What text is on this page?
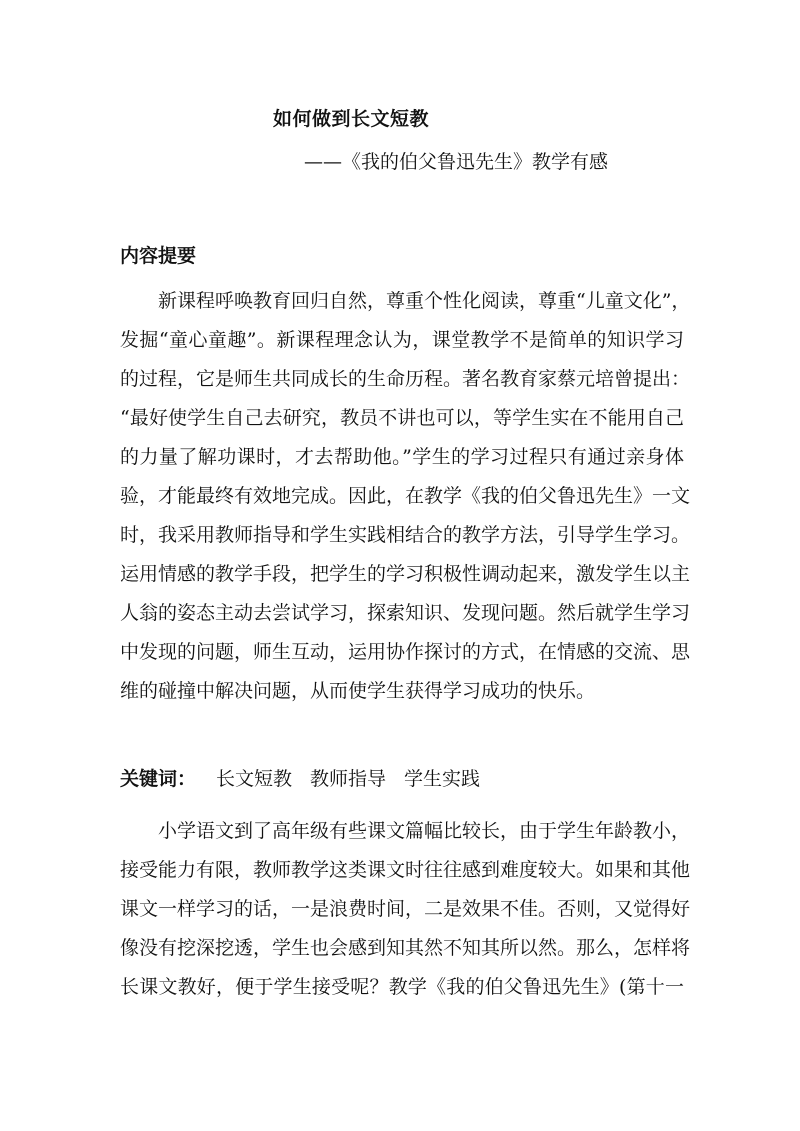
如何做到长文短教
——《我的伯父鲁迅先生》教学有感
内容提要
新课程呼唤教育回归自然，尊重个性化阅读，尊重“儿童文化”，
发掘“童心童趣”。新课程理念认为，课堂教学不是简单的知识学习
的过程，它是师生共同成长的生命历程。著名教育家蔡元培曾提出：
“最好使学生自己去研究，教员不讲也可以，等学生实在不能用自己
的力量了解功课时，才去帮助他。”学生的学习过程只有通过亲身体
验，才能最终有效地完成。因此，在教学《我的伯父鲁迅先生》一文
时，我采用教师指导和学生实践相结合的教学方法，引导学生学习。
运用情感的教学手段，把学生的学习积极性调动起来，激发学生以主
人翁的姿态主动去尝试学习，探索知识、发现问题。然后就学生学习
中发现的问题，师生互动，运用协作探讨的方式，在情感的交流、思
维的碰撞中解决问题，从而使学生获得学习成功的快乐。
关键词： 长文短教 教师指导 学生实践
小学语文到了高年级有些课文篇幅比较长，由于学生年龄教小，
接受能力有限，教师教学这类课文时往往感到难度较大。如果和其他
课文一样学习的话，一是浪费时间，二是效果不佳。否则，又觉得好
像没有挖深挖透，学生也会感到知其然不知其所以然。那么，怎样将
长课文教好，便于学生接受呢？教学《我的伯父鲁迅先生》(第十一
